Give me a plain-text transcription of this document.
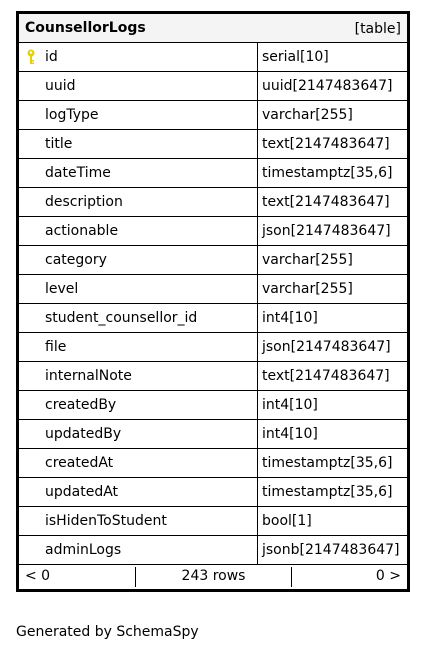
CounsellorLogs	[table]
id	serial[10]
uuid	uuid[2147483647]
logType	varchar[255]
title	text[2147483647]
dateTime	timestamptz[35,6]
description	text[2147483647]
actionable	json[2147483647]
category	varchar[255]
level	varchar[255]
student_counsellor_id	int4[10]
file	json[2147483647]
internalNote	text[2147483647]
createdBy	int4[10]
updatedBy	int4[10]
createdAt	timestamptz[35,6]
updatedAt	timestamptz[35,6]
isHidenToStudent	bool[1]
adminLogs	jsonb[2147483647]
< 0	243 rows	0 >
Generated by SchemaSpy
